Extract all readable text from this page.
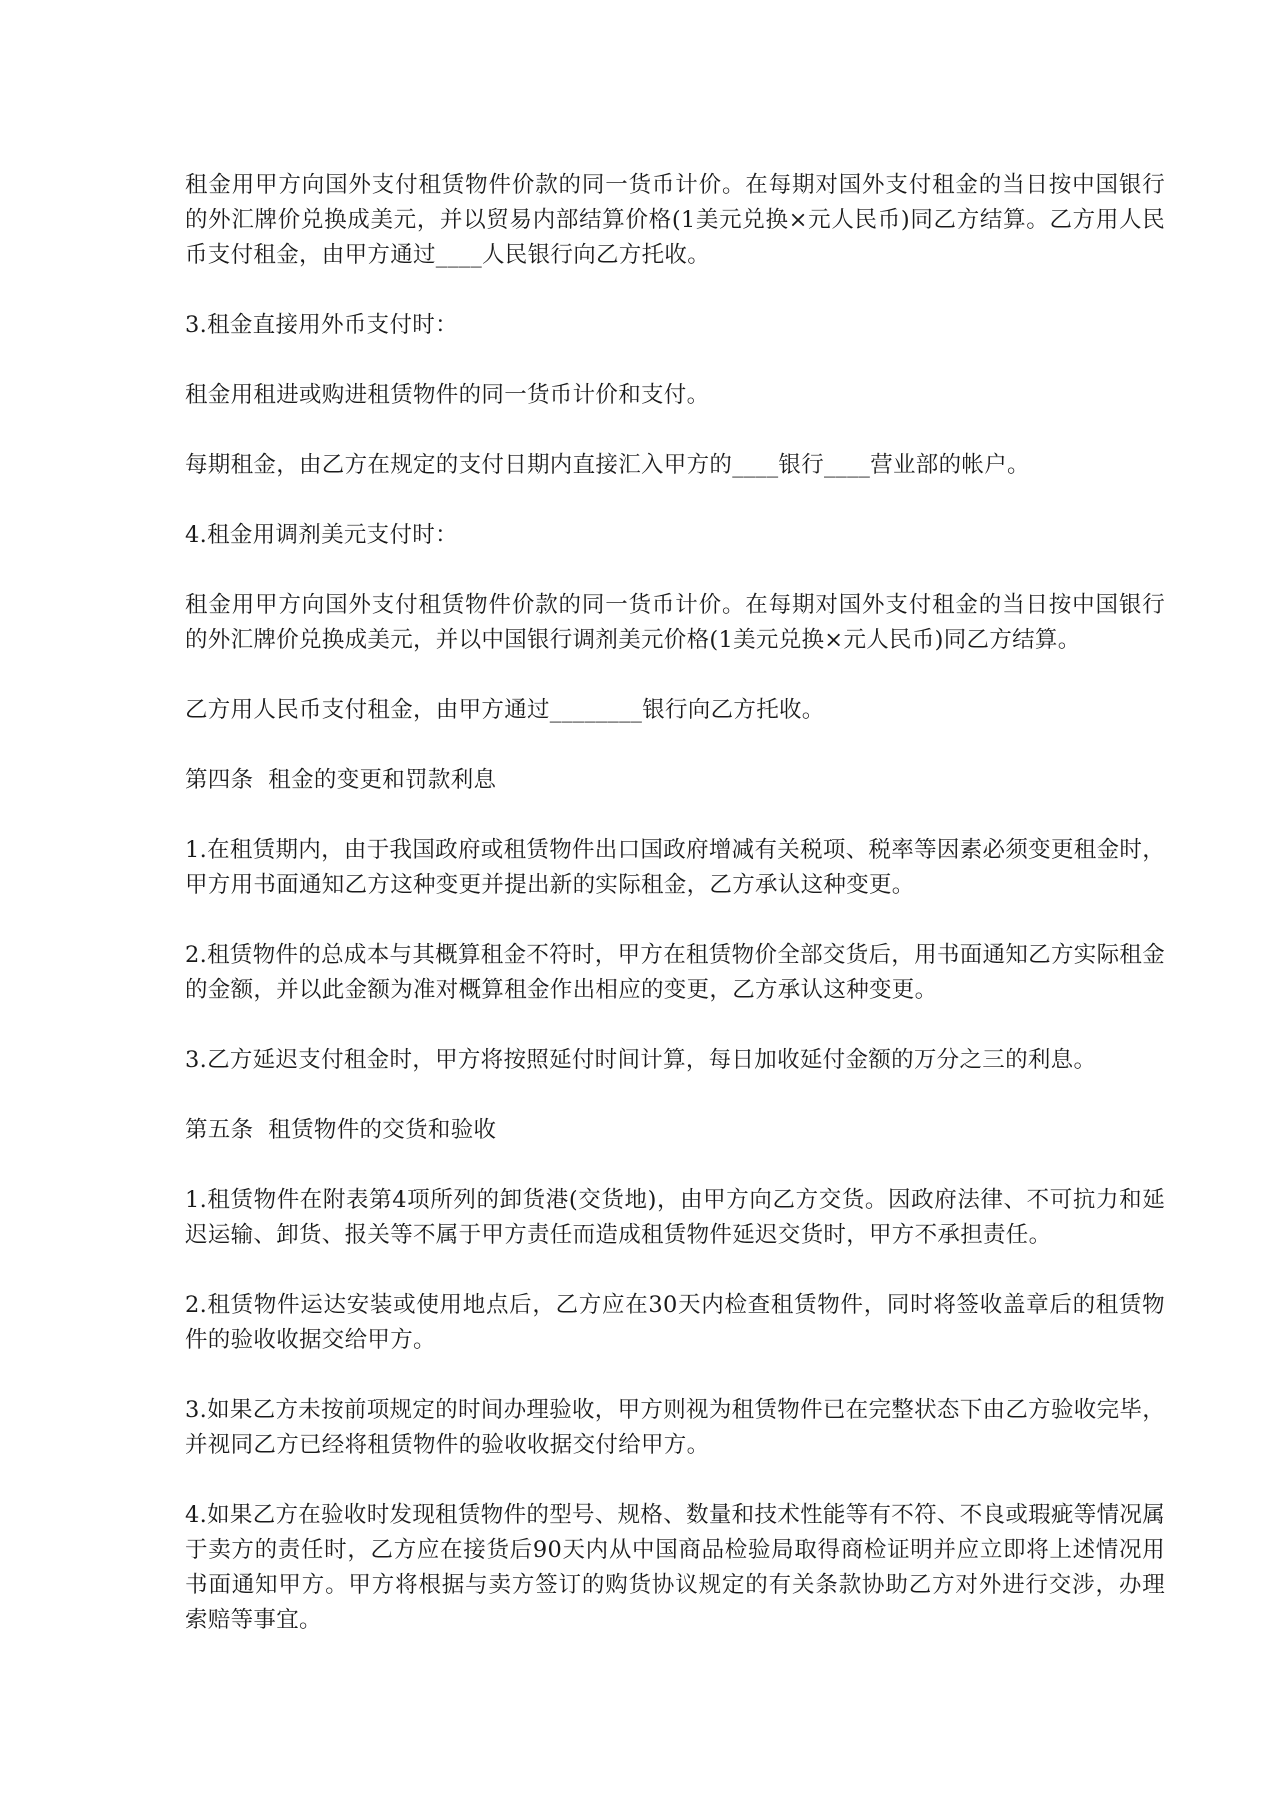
租金用甲方向国外支付租赁物件价款的同一货币计价。在每期对国外支付租金的当日按中国银行的外汇牌价兑换成美元，并以贸易内部结算价格(1美元兑换×元人民币)同乙方结算。乙方用人民币支付租金，由甲方通过____人民银行向乙方托收。

3.租金直接用外币支付时：

租金用租进或购进租赁物件的同一货币计价和支付。

每期租金，由乙方在规定的支付日期内直接汇入甲方的____银行____营业部的帐户。

4.租金用调剂美元支付时：

租金用甲方向国外支付租赁物件价款的同一货币计价。在每期对国外支付租金的当日按中国银行的外汇牌价兑换成美元，并以中国银行调剂美元价格(1美元兑换×元人民币)同乙方结算。

乙方用人民币支付租金，由甲方通过________银行向乙方托收。

第四条  租金的变更和罚款利息

1.在租赁期内，由于我国政府或租赁物件出口国政府增减有关税项、税率等因素必须变更租金时，甲方用书面通知乙方这种变更并提出新的实际租金，乙方承认这种变更。

2.租赁物件的总成本与其概算租金不符时，甲方在租赁物价全部交货后，用书面通知乙方实际租金的金额，并以此金额为准对概算租金作出相应的变更，乙方承认这种变更。

3.乙方延迟支付租金时，甲方将按照延付时间计算，每日加收延付金额的万分之三的利息。

第五条  租赁物件的交货和验收

1.租赁物件在附表第4项所列的卸货港(交货地)，由甲方向乙方交货。因政府法律、不可抗力和延迟运输、卸货、报关等不属于甲方责任而造成租赁物件延迟交货时，甲方不承担责任。

2.租赁物件运达安装或使用地点后，乙方应在30天内检查租赁物件，同时将签收盖章后的租赁物件的验收收据交给甲方。

3.如果乙方未按前项规定的时间办理验收，甲方则视为租赁物件已在完整状态下由乙方验收完毕，并视同乙方已经将租赁物件的验收收据交付给甲方。

4.如果乙方在验收时发现租赁物件的型号、规格、数量和技术性能等有不符、不良或瑕疵等情况属于卖方的责任时，乙方应在接货后90天内从中国商品检验局取得商检证明并应立即将上述情况用书面通知甲方。甲方将根据与卖方签订的购货协议规定的有关条款协助乙方对外进行交涉，办理索赔等事宜。
